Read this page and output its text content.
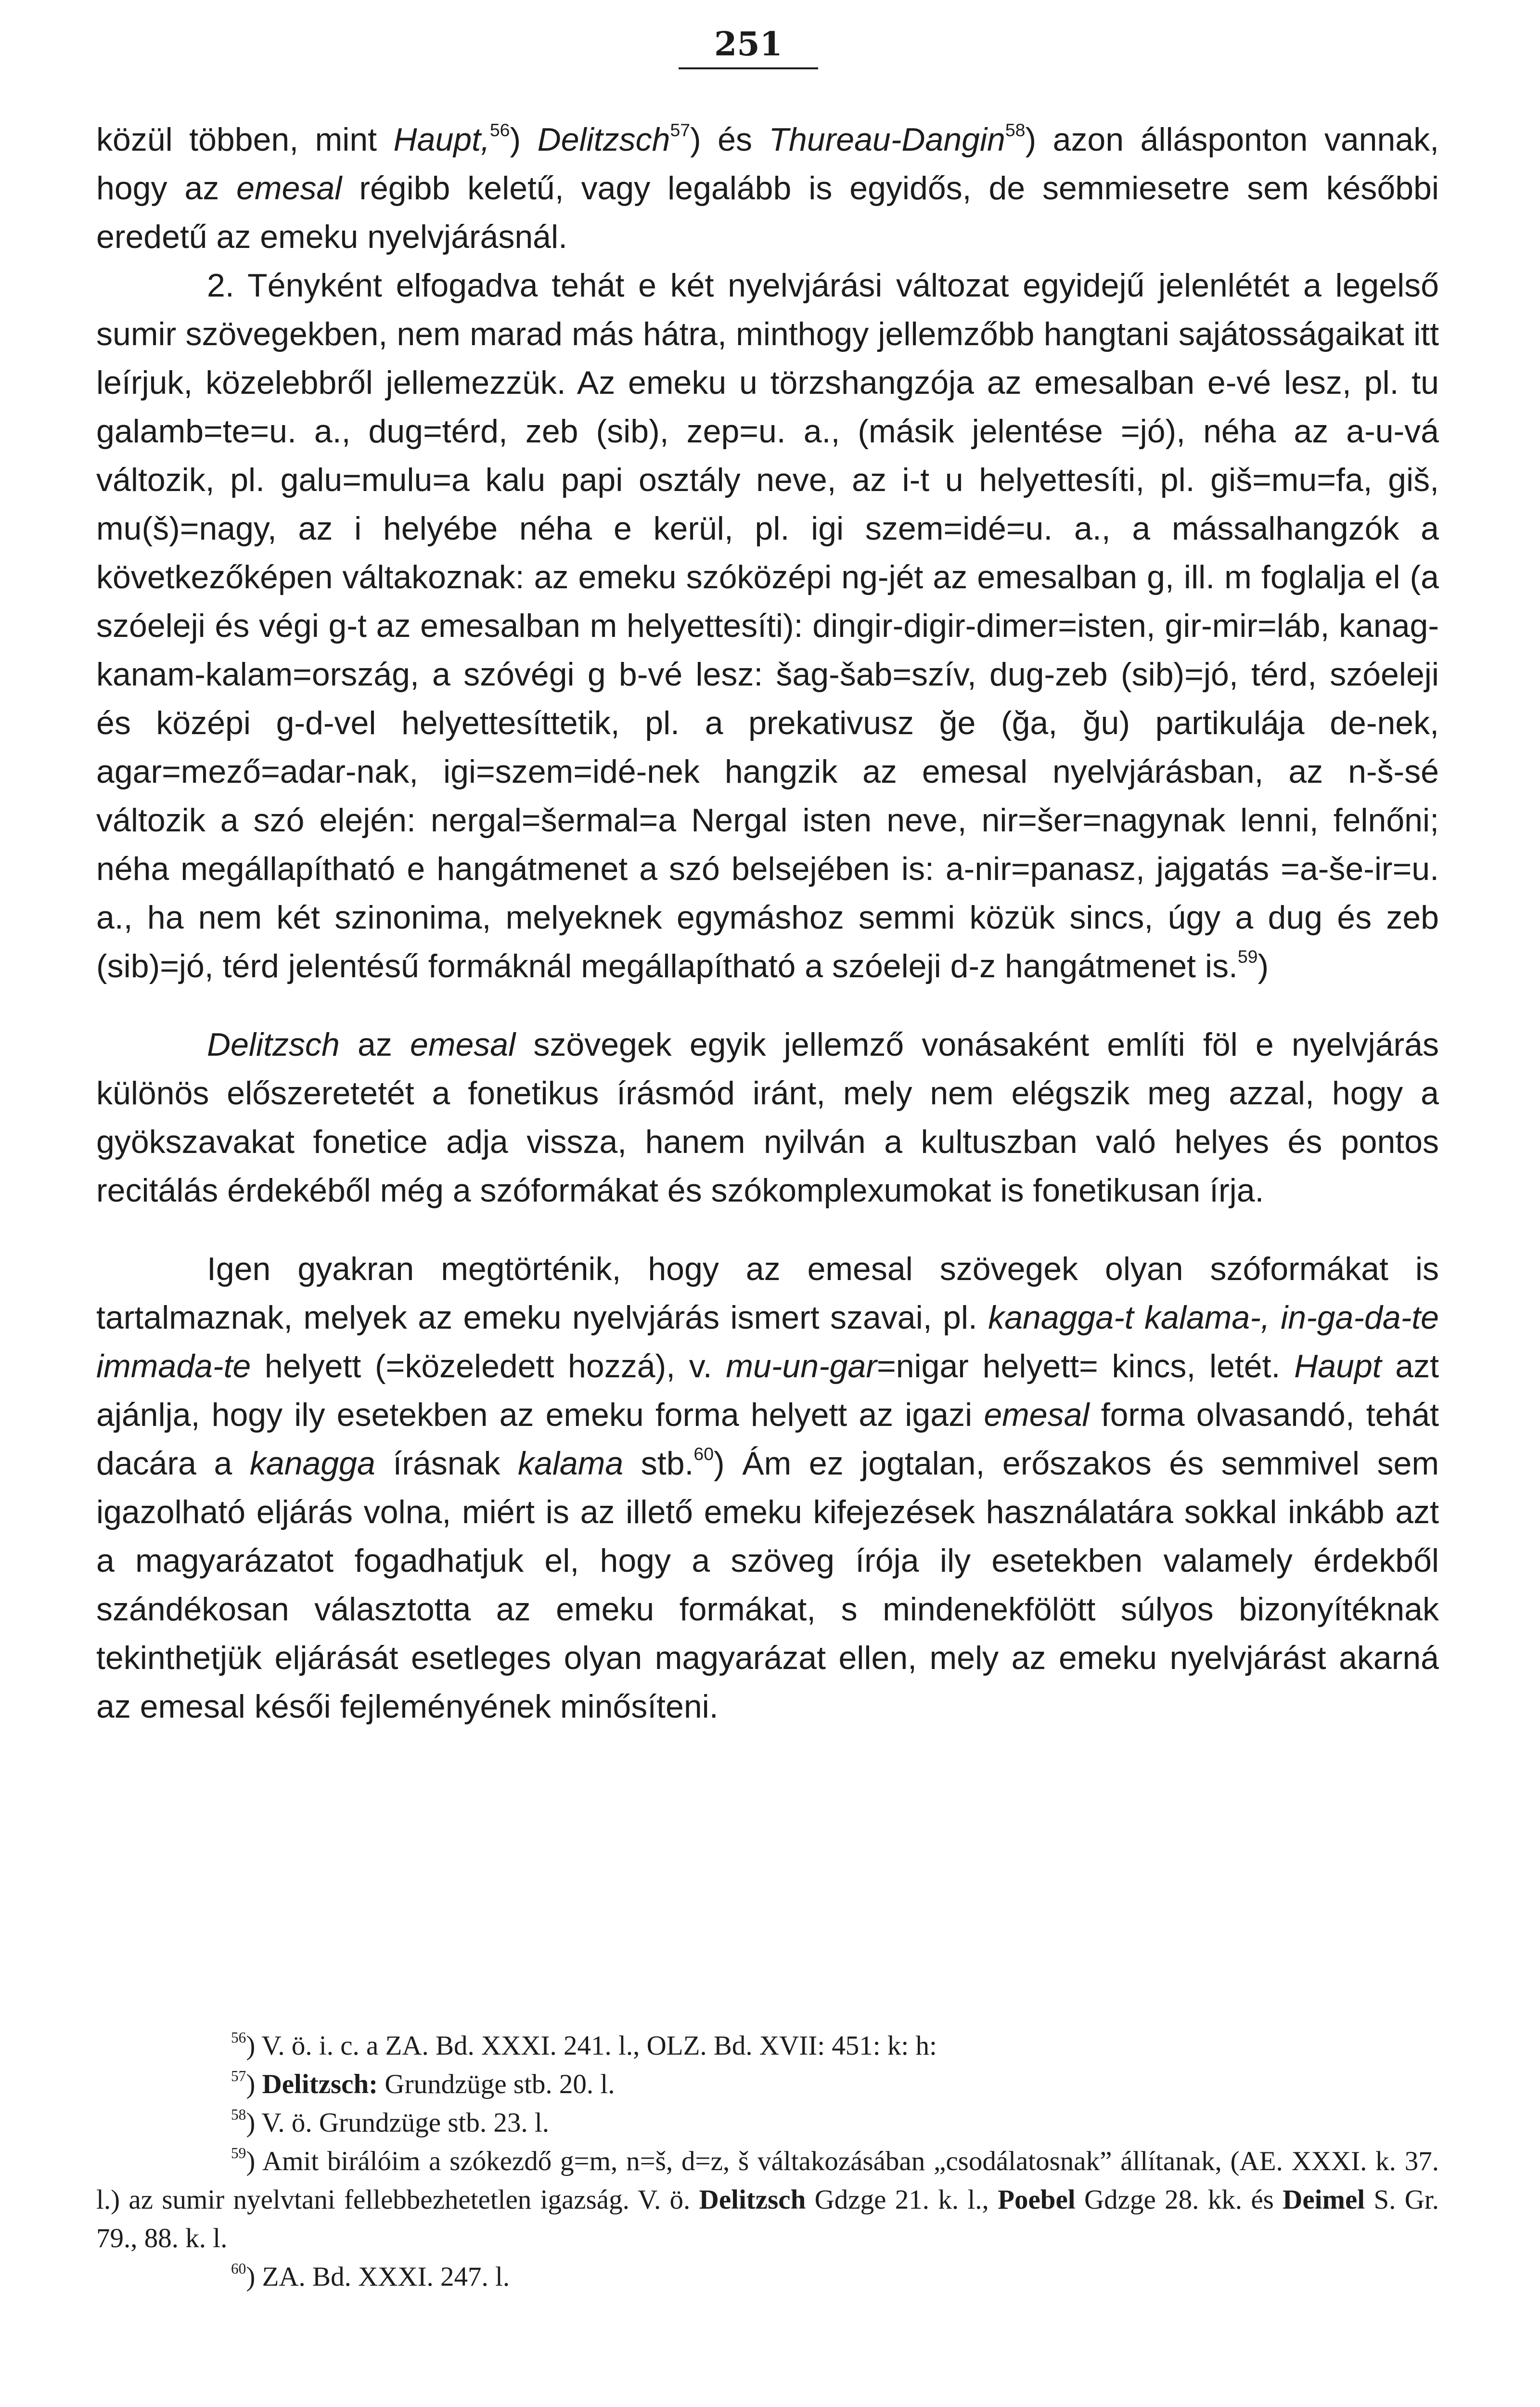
251

közül többen, mint Haupt,$^{56}$) Delitzsch$^{57}$) és Thureau-Dangin$^{58}$) azon állásponton vannak, hogy az emesal régibb keletű, vagy legalább is egyidős, de semmiesetre sem későbbi eredetű az emeku nyelvjárásnál.

2. Tényként elfogadva tehát e két nyelvjárási változat egyidejű jelenlétét a legelső sumir szövegekben, nem marad más hátra, minthogy jellemzőbb hangtani sajátosságaikat itt leírjuk, közelebbről jellemezzük. Az emeku u törzshangzója az emesalban e-vé lesz, pl. tu galamb=te=u. a., dug=térd, zeb (sib), zep=u. a., (másik jelentése =jó), néha az a-u-vá változik, pl. galu=mulu=a kalu papi osztály neve, az i-t u helyettesíti, pl. giš=mu=fa, giš, mu(š)=nagy, az i helyébe néha e kerül, pl. igi szem=idé=u. a., a mássalhangzók a következőképen váltakoznak: az emeku szóközépi ng-jét az emesalban g, ill. m foglalja el (a szóeleji és végi g-t az emesalban m helyettesíti): dingir-digir-dimer=isten, gir-mir=láb, kanag-kanam-kalam=ország, a szóvégi g b-vé lesz: šag-šab=szív, dug-zeb (sib)=jó, térd, szóeleji és középi g-d-vel helyettesíttetik, pl. a prekativusz ğe (ğa, ğu) partikulája de-nek, agar=mező=adar-nak, igi=szem=idé-nek hangzik az emesal nyelvjárásban, az n-š-sé változik a szó elején: nergal=šermal=a Nergal isten neve, nir=šer=nagynak lenni, felnőni; néha megállapítható e hangátmenet a szó belsejében is: a-nir=panasz, jajgatás =a-še-ir=u. a., ha nem két szinonima, melyeknek egymáshoz semmi közük sincs, úgy a dug és zeb (sib)=jó, térd jelentésű formáknál megállapítható a szóeleji d-z hangátmenet is.$^{59}$)

Delitzsch az emesal szövegek egyik jellemző vonásaként említi föl e nyelvjárás különös előszeretetét a fonetikus írásmód iránt, mely nem elégszik meg azzal, hogy a gyökszavakat fonetice adja vissza, hanem nyilván a kultuszban való helyes és pontos recitálás érdekéből még a szóformákat és szókomplexumokat is fonetikusan írja.

Igen gyakran megtörténik, hogy az emesal szövegek olyan szóformákat is tartalmaznak, melyek az emeku nyelvjárás ismert szavai, pl. kanagga-t kalama-, in-ga-da-te immada-te helyett (=közeledett hozzá), v. mu-un-gar=nigar helyett= kincs, letét. Haupt azt ajánlja, hogy ily esetekben az emeku forma helyett az igazi emesal forma olvasandó, tehát dacára a kanagga írásnak kalama stb.$^{60}$) Ám ez jogtalan, erőszakos és semmivel sem igazolható eljárás volna, miért is az illető emeku kifejezések használatára sokkal inkább azt a magyarázatot fogadhatjuk el, hogy a szöveg írója ily esetekben valamely érdekből szándékosan választotta az emeku formákat, s mindenekfölött súlyos bizonyítéknak tekinthetjük eljárását esetleges olyan magyarázat ellen, mely az emeku nyelvjárást akarná az emesal késői fejleményének minősíteni.

$^{56}$) V. ö. i. c. a ZA. Bd. XXXI. 241. l., OLZ. Bd. XVII: 451: k: h:

$^{57}$) Delitzsch: Grundzüge stb. 20. l.

$^{58}$) V. ö. Grundzüge stb. 23. l.

$^{59}$) Amit birálóim a szókezdő g=m, n=š, d=z, š váltakozásában „csodálatosnak” állítanak, (AE. XXXI. k. 37. l.) az sumir nyelvtani fellebbezhetetlen igazság. V. ö. Delitzsch Gdzge 21. k. l., Poebel Gdzge 28. kk. és Deimel S. Gr. 79., 88. k. l.

$^{60}$) ZA. Bd. XXXI. 247. l.
